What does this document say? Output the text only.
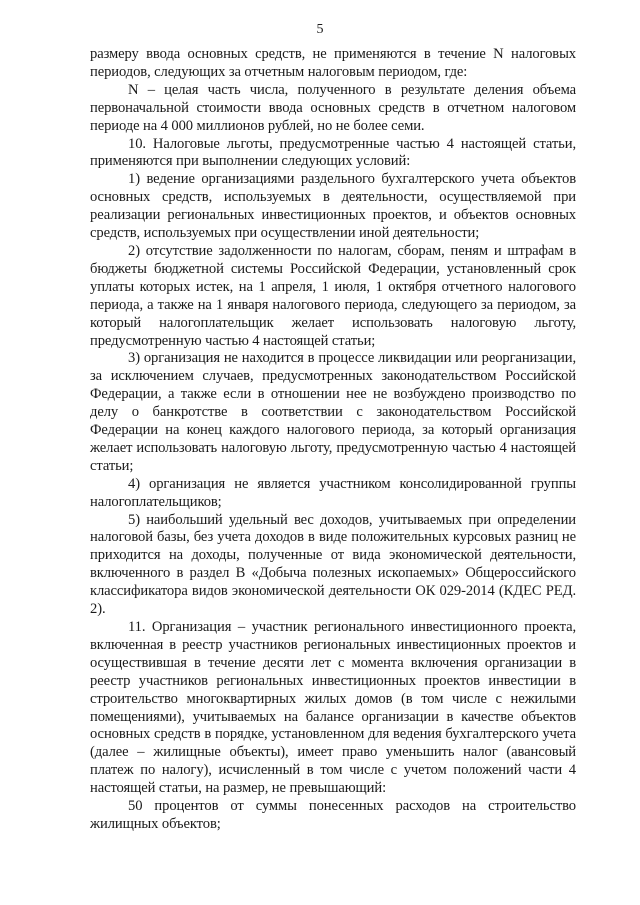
5

размеру ввода основных средств, не применяются в течение N налоговых периодов, следующих за отчетным налоговым периодом, где:

N – целая часть числа, полученного в результате деления объема первоначальной стоимости ввода основных средств в отчетном налоговом периоде на 4 000 миллионов рублей, но не более семи.

10. Налоговые льготы, предусмотренные частью 4 настоящей статьи, применяются при выполнении следующих условий:

1) ведение организациями раздельного бухгалтерского учета объектов основных средств, используемых в деятельности, осуществляемой при реализации региональных инвестиционных проектов, и объектов основных средств, используемых при осуществлении иной деятельности;

2) отсутствие задолженности по налогам, сборам, пеням и штрафам в бюджеты бюджетной системы Российской Федерации, установленный срок уплаты которых истек, на 1 апреля, 1 июля, 1 октября отчетного налогового периода, а также на 1 января налогового периода, следующего за периодом, за который налогоплательщик желает использовать налоговую льготу, предусмотренную частью 4 настоящей статьи;

3) организация не находится в процессе ликвидации или реорганизации, за исключением случаев, предусмотренных законодательством Российской Федерации, а также если в отношении нее не возбуждено производство по делу о банкротстве в соответствии с законодательством Российской Федерации на конец каждого налогового периода, за который организация желает использовать налоговую льготу, предусмотренную частью 4 настоящей статьи;

4) организация не является участником консолидированной группы налогоплательщиков;

5) наибольший удельный вес доходов, учитываемых при определении налоговой базы, без учета доходов в виде положительных курсовых разниц не приходится на доходы, полученные от вида экономической деятельности, включенного в раздел B «Добыча полезных ископаемых» Общероссийского классификатора видов экономической деятельности ОК 029-2014 (КДЕС РЕД. 2).

11. Организация – участник регионального инвестиционного проекта, включенная в реестр участников региональных инвестиционных проектов и осуществившая в течение десяти лет с момента включения организации в реестр участников региональных инвестиционных проектов инвестиции в строительство многоквартирных жилых домов (в том числе с нежилыми помещениями), учитываемых на балансе организации в качестве объектов основных средств в порядке, установленном для ведения бухгалтерского учета (далее – жилищные объекты), имеет право уменьшить налог (авансовый платеж по налогу), исчисленный в том числе с учетом положений части 4 настоящей статьи, на размер, не превышающий:

50 процентов от суммы понесенных расходов на строительство жилищных объектов;
